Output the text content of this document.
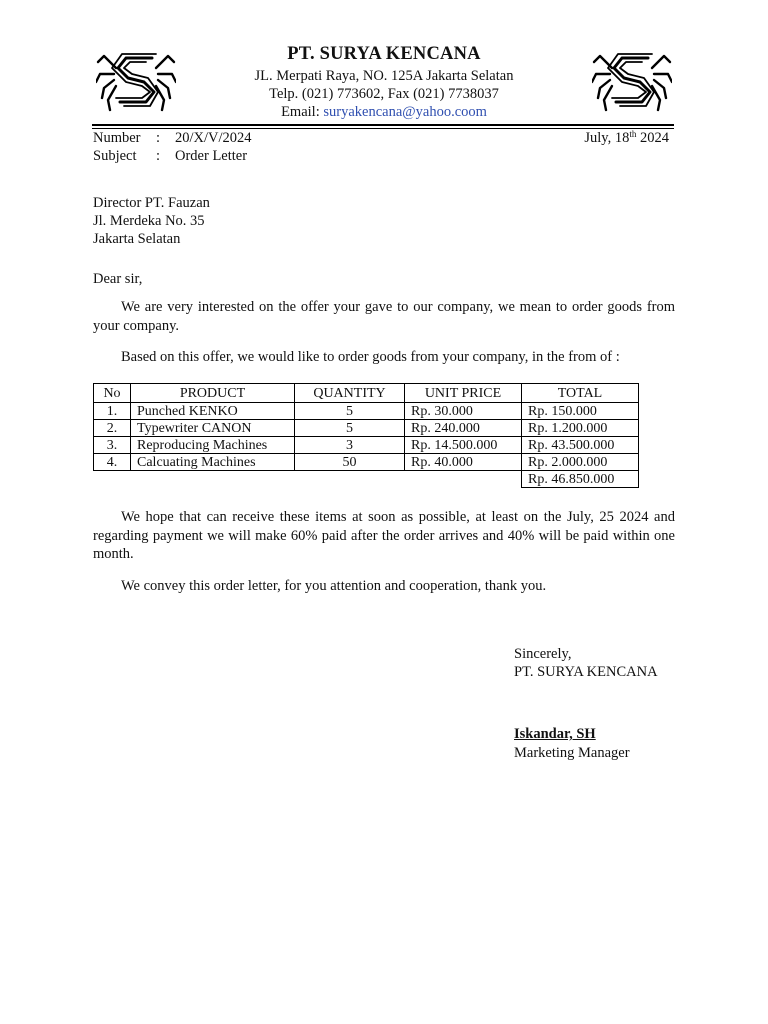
PT. SURYA KENCANA
JL. Merpati Raya, NO. 125A Jakarta Selatan
Telp. (021) 773602, Fax (021) 7738037
Email: suryakencana@yahoo.coom
Number : 20/X/V/2024
Subject : Order Letter
July, 18th 2024
Director PT. Fauzan
Jl. Merdeka No. 35
Jakarta Selatan
Dear sir,
We are very interested on the offer your gave to our company, we mean to order goods from your company.
Based on this offer, we would like to order goods from your company, in the from of :
No	PRODUCT	QUANTITY	UNIT PRICE	TOTAL
1.	Punched KENKO	5	Rp. 30.000	Rp. 150.000
2.	Typewriter CANON	5	Rp. 240.000	Rp. 1.200.000
3.	Reproducing Machines	3	Rp. 14.500.000	Rp. 43.500.000
4.	Calcuating Machines	50	Rp. 40.000	Rp. 2.000.000
				Rp. 46.850.000
We hope that can receive these items at soon as possible, at least on the July, 25 2024 and regarding payment we will make 60% paid after the order arrives and 40% will be paid within one month.
We convey this order letter, for you attention and cooperation, thank you.
Sincerely,
PT. SURYA KENCANA
Iskandar, SH
Marketing Manager
